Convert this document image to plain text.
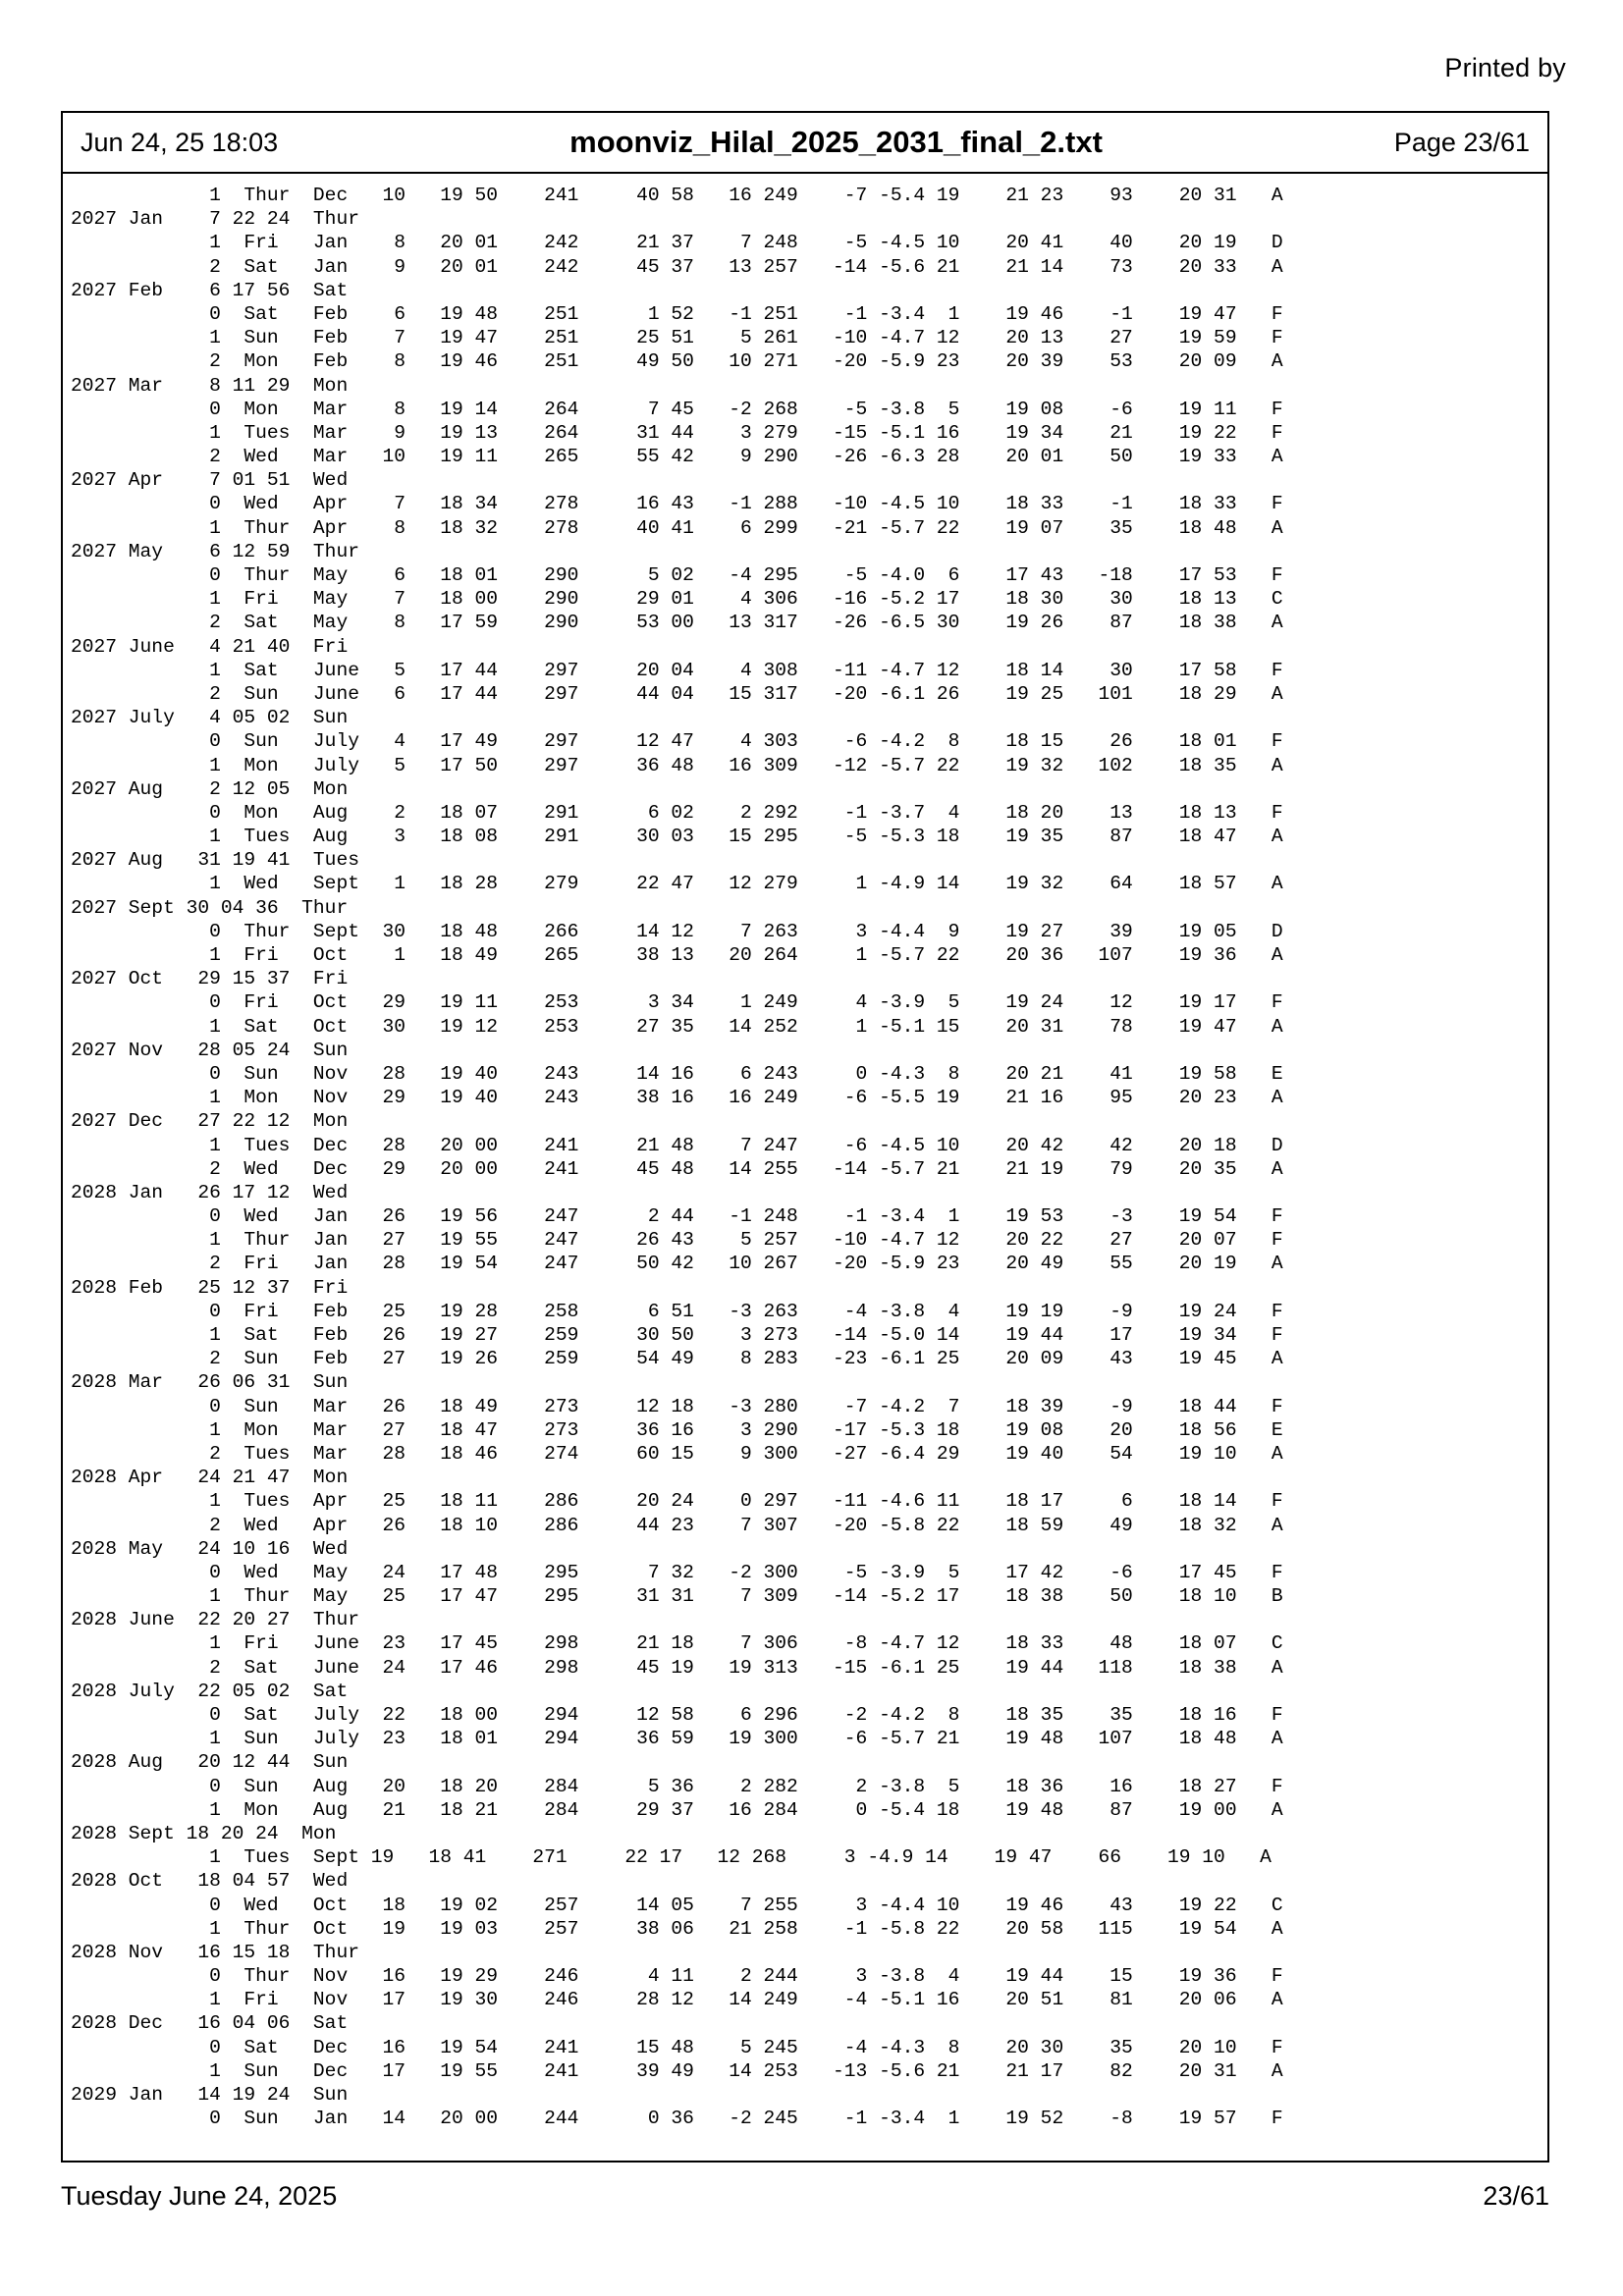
Printed by
Jun 24, 25 18:03	moonviz_Hilal_2025_2031_final_2.txt	Page 23/61
1  Thur  Dec   10   19 50    241     40 58   16 249    -7 -5.4 19    21 23    93    20 31   A
2027 Jan    7 22 24  Thur
1  Fri   Jan    8   20 01    242     21 37    7 248    -5 -4.5 10    20 41    40    20 19   D
2  Sat   Jan    9   20 01    242     45 37   13 257   -14 -5.6 21    21 14    73    20 33   A
2027 Feb    6 17 56  Sat
0  Sat   Feb    6   19 48    251      1 52   -1 251    -1 -3.4  1    19 46    -1    19 47   F
1  Sun   Feb    7   19 47    251     25 51    5 261   -10 -4.7 12    20 13    27    19 59   F
2  Mon   Feb    8   19 46    251     49 50   10 271   -20 -5.9 23    20 39    53    20 09   A
2027 Mar    8 11 29  Mon
0  Mon   Mar    8   19 14    264      7 45   -2 268    -5 -3.8  5    19 08    -6    19 11   F
1  Tues  Mar    9   19 13    264     31 44    3 279   -15 -5.1 16    19 34    21    19 22   F
2  Wed   Mar   10   19 11    265     55 42    9 290   -26 -6.3 28    20 01    50    19 33   A
2027 Apr    7 01 51  Wed
0  Wed   Apr    7   18 34    278     16 43   -1 288   -10 -4.5 10    18 33    -1    18 33   F
1  Thur  Apr    8   18 32    278     40 41    6 299   -21 -5.7 22    19 07    35    18 48   A
2027 May    6 12 59  Thur
0  Thur  May    6   18 01    290      5 02   -4 295    -5 -4.0  6    17 43   -18    17 53   F
1  Fri   May    7   18 00    290     29 01    4 306   -16 -5.2 17    18 30    30    18 13   C
2  Sat   May    8   17 59    290     53 00   13 317   -26 -6.5 30    19 26    87    18 38   A
2027 June   4 21 40  Fri
1  Sat   June   5   17 44    297     20 04    4 308   -11 -4.7 12    18 14    30    17 58   F
2  Sun   June   6   17 44    297     44 04   15 317   -20 -6.1 26    19 25   101    18 29   A
2027 July   4 05 02  Sun
0  Sun   July   4   17 49    297     12 47    4 303    -6 -4.2  8    18 15    26    18 01   F
1  Mon   July   5   17 50    297     36 48   16 309   -12 -5.7 22    19 32   102    18 35   A
2027 Aug    2 12 05  Mon
0  Mon   Aug    2   18 07    291      6 02    2 292    -1 -3.7  4    18 20    13    18 13   F
1  Tues  Aug    3   18 08    291     30 03   15 295    -5 -5.3 18    19 35    87    18 47   A
2027 Aug   31 19 41  Tues
1  Wed   Sept   1   18 28    279     22 47   12 279     1 -4.9 14    19 32    64    18 57   A
2027 Sept 30 04 36  Thur
0  Thur  Sept  30   18 48    266     14 12    7 263     3 -4.4  9    19 27    39    19 05   D
1  Fri   Oct    1   18 49    265     38 13   20 264     1 -5.7 22    20 36   107    19 36   A
2027 Oct   29 15 37  Fri
0  Fri   Oct   29   19 11    253      3 34    1 249     4 -3.9  5    19 24    12    19 17   F
1  Sat   Oct   30   19 12    253     27 35   14 252     1 -5.1 15    20 31    78    19 47   A
2027 Nov   28 05 24  Sun
0  Sun   Nov   28   19 40    243     14 16    6 243     0 -4.3  8    20 21    41    19 58   E
1  Mon   Nov   29   19 40    243     38 16   16 249    -6 -5.5 19    21 16    95    20 23   A
2027 Dec   27 22 12  Mon
1  Tues  Dec   28   20 00    241     21 48    7 247    -6 -4.5 10    20 42    42    20 18   D
2  Wed   Dec   29   20 00    241     45 48   14 255   -14 -5.7 21    21 19    79    20 35   A
2028 Jan   26 17 12  Wed
0  Wed   Jan   26   19 56    247      2 44   -1 248    -1 -3.4  1    19 53    -3    19 54   F
1  Thur  Jan   27   19 55    247     26 43    5 257   -10 -4.7 12    20 22    27    20 07   F
2  Fri   Jan   28   19 54    247     50 42   10 267   -20 -5.9 23    20 49    55    20 19   A
2028 Feb   25 12 37  Fri
0  Fri   Feb   25   19 28    258      6 51   -3 263    -4 -3.8  4    19 19    -9    19 24   F
1  Sat   Feb   26   19 27    259     30 50    3 273   -14 -5.0 14    19 44    17    19 34   F
2  Sun   Feb   27   19 26    259     54 49    8 283   -23 -6.1 25    20 09    43    19 45   A
2028 Mar   26 06 31  Sun
0  Sun   Mar   26   18 49    273     12 18   -3 280    -7 -4.2  7    18 39    -9    18 44   F
1  Mon   Mar   27   18 47    273     36 16    3 290   -17 -5.3 18    19 08    20    18 56   E
2  Tues  Mar   28   18 46    274     60 15    9 300   -27 -6.4 29    19 40    54    19 10   A
2028 Apr   24 21 47  Mon
1  Tues  Apr   25   18 11    286     20 24    0 297   -11 -4.6 11    18 17     6    18 14   F
2  Wed   Apr   26   18 10    286     44 23    7 307   -20 -5.8 22    18 59    49    18 32   A
2028 May   24 10 16  Wed
0  Wed   May   24   17 48    295      7 32   -2 300    -5 -3.9  5    17 42    -6    17 45   F
1  Thur  May   25   17 47    295     31 31    7 309   -14 -5.2 17    18 38    50    18 10   B
2028 June  22 20 27  Thur
1  Fri   June  23   17 45    298     21 18    7 306    -8 -4.7 12    18 33    48    18 07   C
2  Sat   June  24   17 46    298     45 19   19 313   -15 -6.1 25    19 44   118    18 38   A
2028 July  22 05 02  Sat
0  Sat   July  22   18 00    294     12 58    6 296    -2 -4.2  8    18 35    35    18 16   F
1  Sun   July  23   18 01    294     36 59   19 300    -6 -5.7 21    19 48   107    18 48   A
2028 Aug   20 12 44  Sun
0  Sun   Aug   20   18 20    284      5 36    2 282     2 -3.8  5    18 36    16    18 27   F
1  Mon   Aug   21   18 21    284     29 37   16 284     0 -5.4 18    19 48    87    19 00   A
2028 Sept 18 20 24  Mon
1  Tues  Sept 19   18 41    271     22 17   12 268     3 -4.9 14    19 47    66    19 10   A
2028 Oct   18 04 57  Wed
0  Wed   Oct   18   19 02    257     14 05    7 255     3 -4.4 10    19 46    43    19 22   C
1  Thur  Oct   19   19 03    257     38 06   21 258    -1 -5.8 22    20 58   115    19 54   A
2028 Nov   16 15 18  Thur
0  Thur  Nov   16   19 29    246      4 11    2 244     3 -3.8  4    19 44    15    19 36   F
1  Fri   Nov   17   19 30    246     28 12   14 249    -4 -5.1 16    20 51    81    20 06   A
2028 Dec   16 04 06  Sat
0  Sat   Dec   16   19 54    241     15 48    5 245    -4 -4.3  8    20 30    35    20 10   F
1  Sun   Dec   17   19 55    241     39 49   14 253   -13 -5.6 21    21 17    82    20 31   A
2029 Jan   14 19 24  Sun
0  Sun   Jan   14   20 00    244      0 36   -2 245    -1 -3.4  1    19 52    -8    19 57   F
Tuesday June 24, 2025	23/61
